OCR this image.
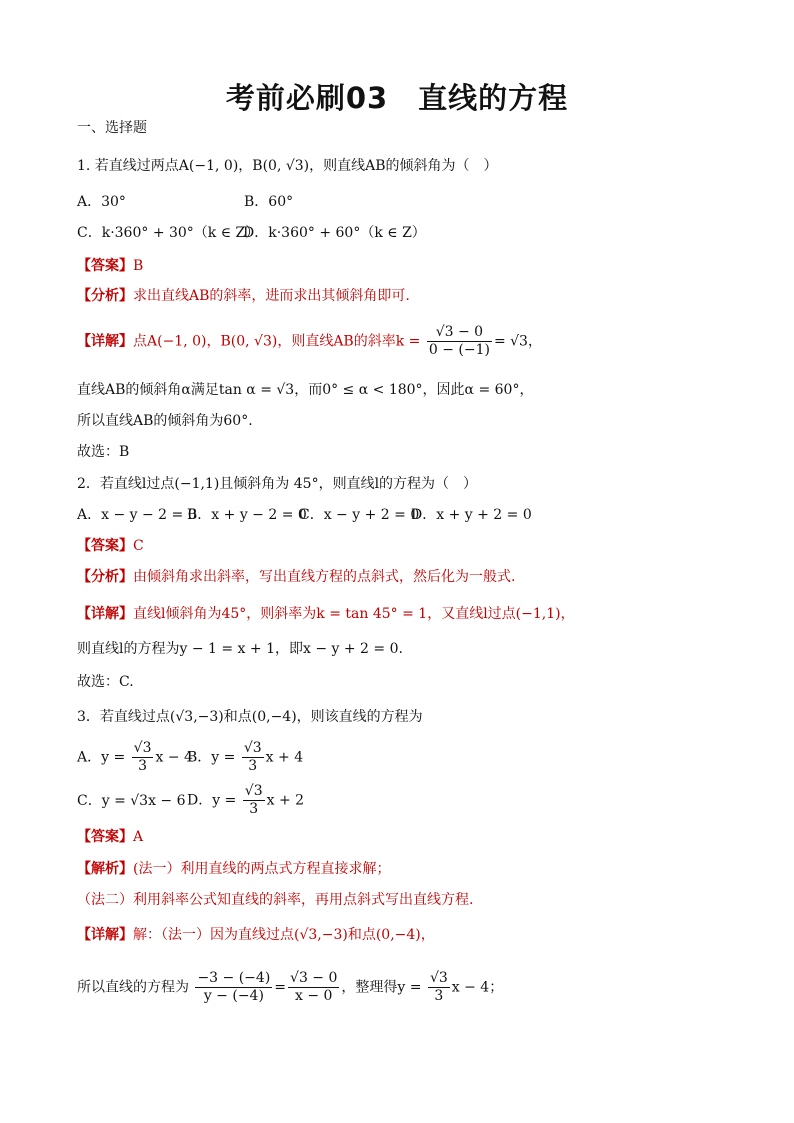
考前必刷03　直线的方程
一、选择题
1. 若直线过两点A(−1, 0)，B(0, √3)，则直线AB的倾斜角为（　）
A．30°	B．60°
C．k·360° + 30°（k ∈ Z）D．k·360° + 60°（k ∈ Z）
【答案】B
【分析】求出直线AB的斜率，进而求出其倾斜角即可.
【详解】点A(−1, 0)，B(0, √3)，则直线AB的斜率$k = \frac{√3 - 0}{0 - (-1)} = √3$，
直线AB的倾斜角α满足tan α = √3，而0° ≤ α < 180°，因此α = 60°，
所以直线AB的倾斜角为60°.
故选：B
2．若直线l过点(−1,1)且倾斜角为 45°，则直线l的方程为（　）
A．x − y − 2 = 0B．x + y − 2 = 0C．x − y + 2 = 0D．x + y + 2 = 0
【答案】C
【分析】由倾斜角求出斜率，写出直线方程的点斜式，然后化为一般式.
【详解】直线l倾斜角为45°，则斜率为k = tan 45° = 1，又直线l过点(−1,1)，
则直线l的方程为y − 1 = x + 1，即x − y + 2 = 0.
故选：C.
3．若直线过点(√3,−3)和点(0,−4)，则该直线的方程为
A．$y = \frac{√3}{3}$ x − 4B．$y = \frac{√3}{3}$ x + 4
C．y = √3x − 6D．$y = \frac{√3}{3}$ x + 2
【答案】A
【解析】(法一）利用直线的两点式方程直接求解；
（法二）利用斜率公式知直线的斜率，再用点斜式写出直线方程.
【详解】解：（法一）因为直线过点(√3,−3)和点(0,−4)，
所以直线的方程为 $\frac{-3 - (-4)}{y - (-4)} = \frac{√3 - 0}{x - 0}$ ，整理得$y = \frac{√3}{3}$ x − 4；
